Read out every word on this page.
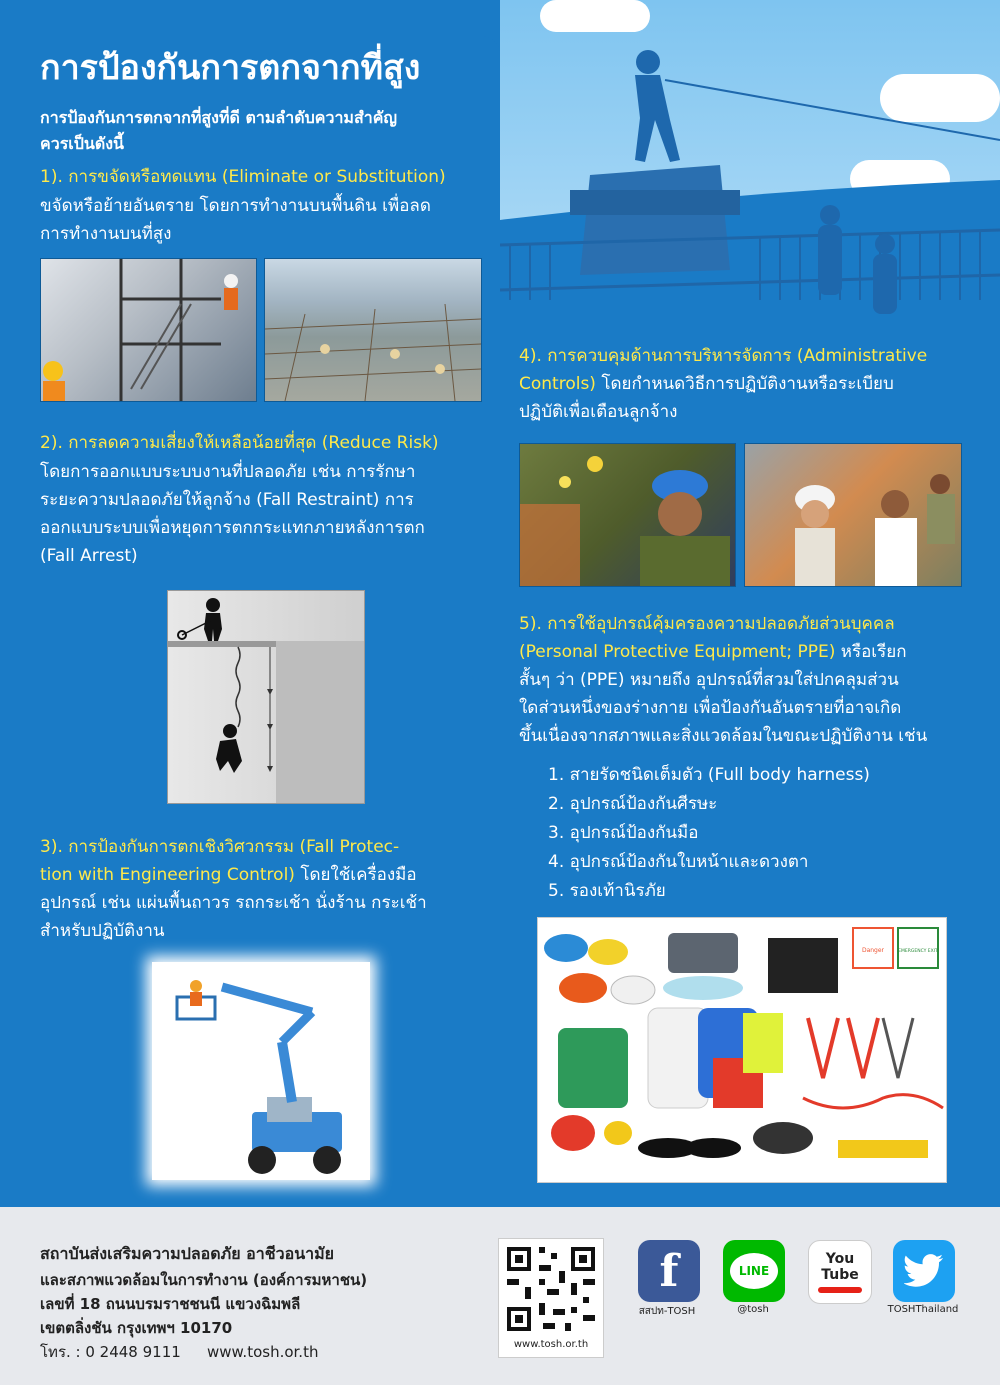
การป้องกันการตกจากที่สูง
การป้องกันการตกจากที่สูงที่ดี ตามลำดับความสำคัญ
ควรเป็นดังนี้
1). การขจัดหรือทดแทน (Eliminate or Substitution)
ขจัดหรือย้ายอันตราย โดยการทำงานบนพื้นดิน เพื่อลด
การทำงานบนที่สูง
2). การลดความเสี่ยงให้เหลือน้อยที่สุด (Reduce Risk)
โดยการออกแบบระบบงานที่ปลอดภัย เช่น การรักษา
ระยะความปลอดภัยให้ลูกจ้าง (Fall Restraint) การ
ออกแบบระบบเพื่อหยุดการตกกระแทกภายหลังการตก
(Fall Arrest)
3). การป้องกันการตกเชิงวิศวกรรม (Fall Protec-
tion with Engineering Control) โดยใช้เครื่องมือ
อุปกรณ์ เช่น แผ่นพื้นถาวร รถกระเช้า นั่งร้าน กระเช้า
สำหรับปฏิบัติงาน
4). การควบคุมด้านการบริหารจัดการ (Administrative
Controls) โดยกำหนดวิธีการปฏิบัติงานหรือระเบียบ
ปฏิบัติเพื่อเตือนลูกจ้าง
5). การใช้อุปกรณ์คุ้มครองความปลอดภัยส่วนบุคคล
(Personal Protective Equipment; PPE) หรือเรียก
สั้นๆ ว่า (PPE) หมายถึง อุปกรณ์ที่สวมใส่ปกคลุมส่วน
ใดส่วนหนึ่งของร่างกาย เพื่อป้องกันอันตรายที่อาจเกิด
ขึ้นเนื่องจากสภาพและสิ่งแวดล้อมในขณะปฏิบัติงาน เช่น
1. สายรัดชนิดเต็มตัว (Full body harness)
2. อุปกรณ์ป้องกันศีรษะ
3. อุปกรณ์ป้องกันมือ
4. อุปกรณ์ป้องกันใบหน้าและดวงตา
5. รองเท้านิรภัย
Danger	EMERGENCY EXIT
สถาบันส่งเสริมความปลอดภัย อาชีวอนามัย
และสภาพแวดล้อมในการทำงาน (องค์การมหาชน)
เลขที่ 18 ถนนบรมราชชนนี แขวงฉิมพลี
เขตตลิ่งชัน กรุงเทพฯ 10170
โทร. : 0 2448 9111 www.tosh.or.th	www.tosh.or.th
f
สสปท-TOSH
LINE
@tosh
You Tube
TOSHThailand
